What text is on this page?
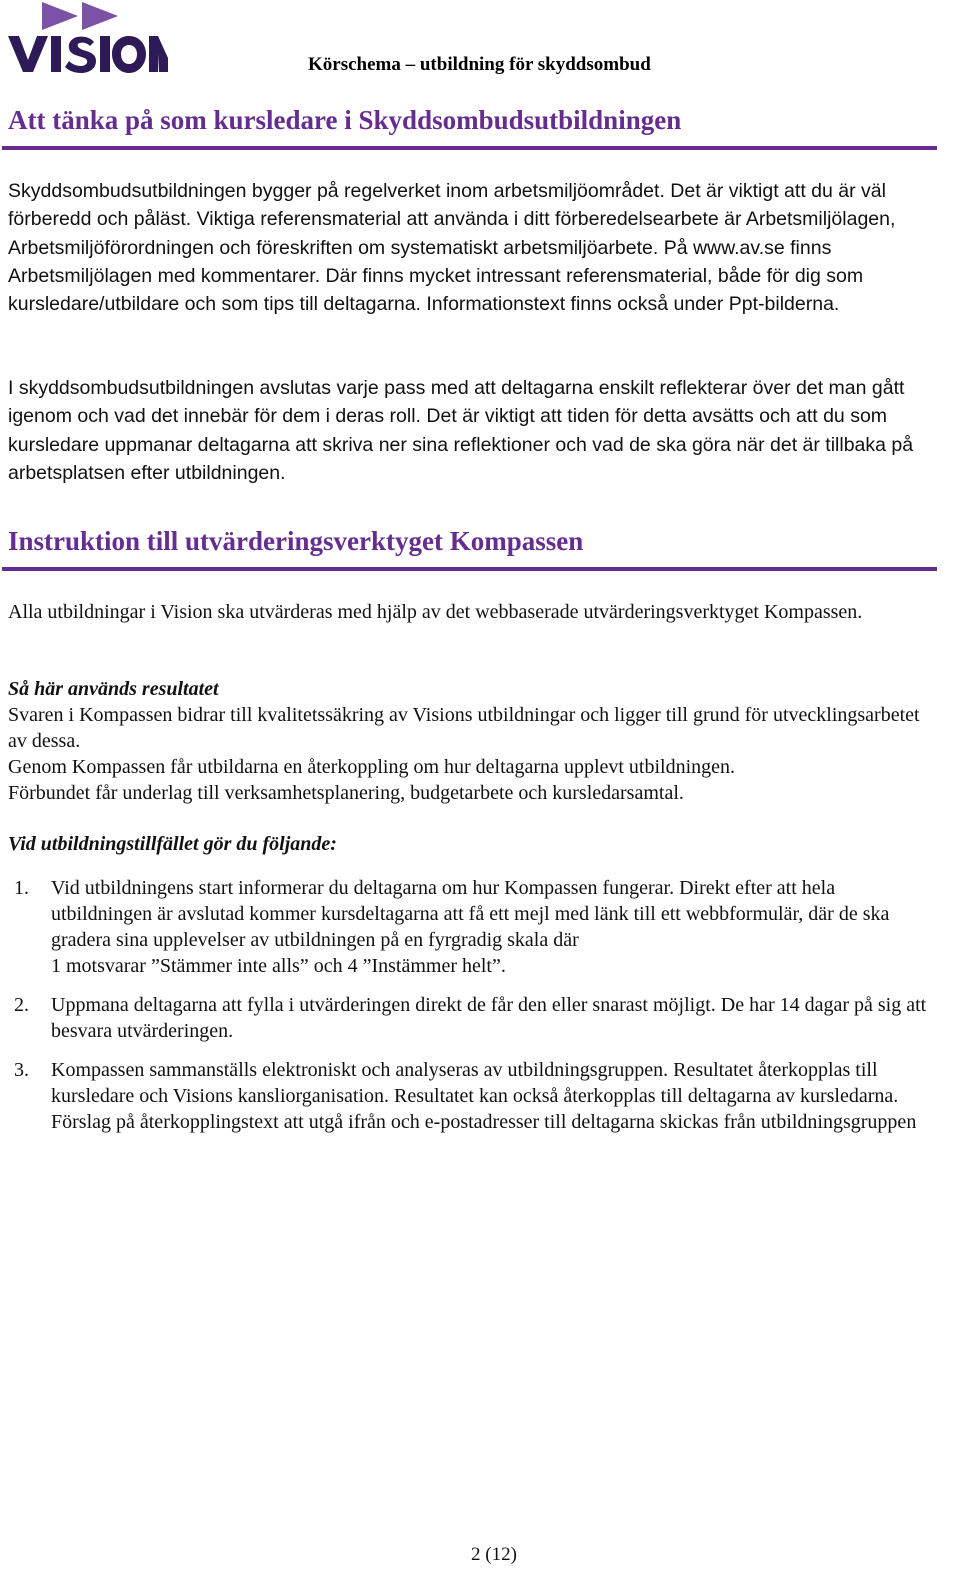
Körschema – utbildning för skyddsombud
Att tänka på som kursledare i Skyddsombudsutbildningen

Skyddsombudsutbildningen bygger på regelverket inom arbetsmiljöområdet. Det är viktigt att du är väl förberedd och påläst. Viktiga referensmaterial att använda i ditt förberedelsearbete är Arbetsmiljölagen, Arbetsmiljöförordningen och föreskriften om systematiskt arbetsmiljöarbete. På www.av.se finns Arbetsmiljölagen med kommentarer. Där finns mycket intressant referensmaterial, både för dig som kursledare/utbildare och som tips till deltagarna. Informationstext finns också under Ppt-bilderna.

I skyddsombudsutbildningen avslutas varje pass med att deltagarna enskilt reflekterar över det man gått igenom och vad det innebär för dem i deras roll. Det är viktigt att tiden för detta avsätts och att du som kursledare uppmanar deltagarna att skriva ner sina reflektioner och vad de ska göra när det är tillbaka på arbetsplatsen efter utbildningen.

Instruktion till utvärderingsverktyget Kompassen

Alla utbildningar i Vision ska utvärderas med hjälp av det webbaserade utvärderingsverktyget Kompassen.

Så här används resultatet

Svaren i Kompassen bidrar till kvalitetssäkring av Visions utbildningar och ligger till grund för utvecklingsarbetet av dessa.

Genom Kompassen får utbildarna en återkoppling om hur deltagarna upplevt utbildningen.

Förbundet får underlag till verksamhetsplanering, budgetarbete och kursledarsamtal.

Vid utbildningstillfället gör du följande:
1. Vid utbildningens start informerar du deltagarna om hur Kompassen fungerar. Direkt efter att hela utbildningen är avslutad kommer kursdeltagarna att få ett mejl med länk till ett webbformulär, där de ska gradera sina upplevelser av utbildningen på en fyrgradig skala där
1 motsvarar ”Stämmer inte alls” och 4 ”Instämmer helt”.
2. Uppmana deltagarna att fylla i utvärderingen direkt de får den eller snarast möjligt. De har 14 dagar på sig att besvara utvärderingen.
3. Kompassen sammanställs elektroniskt och analyseras av utbildningsgruppen. Resultatet återkopplas till kursledare och Visions kansliorganisation. Resultatet kan också återkopplas till deltagarna av kursledarna. Förslag på återkopplingstext att utgå ifrån och e-postadresser till deltagarna skickas från utbildningsgruppen
2 (12)
